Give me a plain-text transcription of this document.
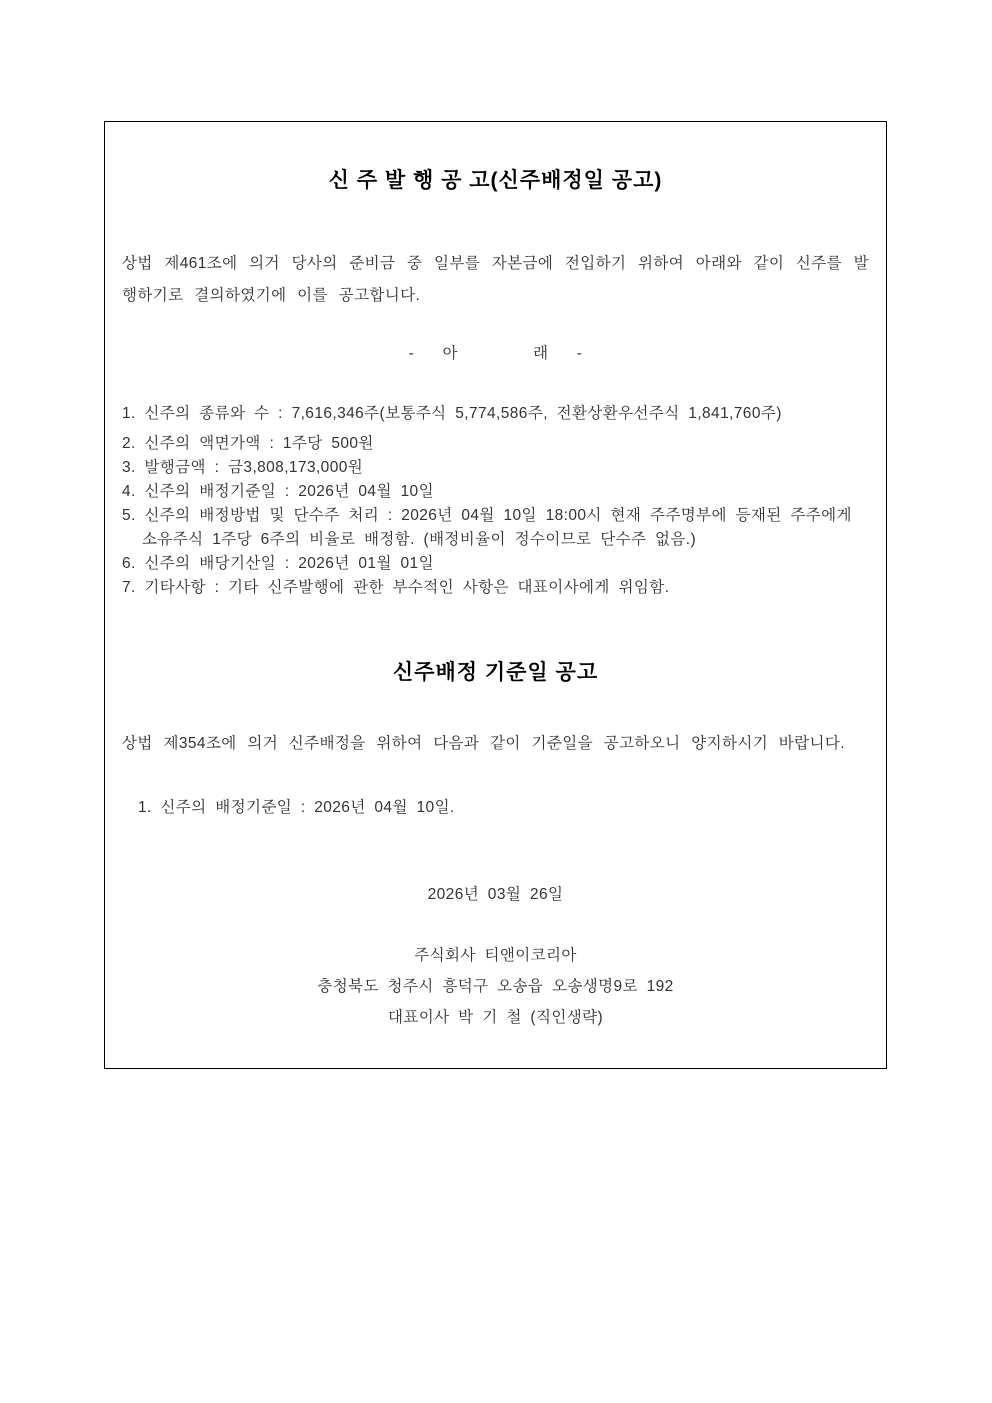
신 주 발 행 공 고(신주배정일 공고)
상법 제461조에 의거 당사의 준비금 중 일부를 자본금에 전입하기 위하여 아래와 같이 신주를 발행하기로 결의하였기에 이를 공고합니다.
-      아                래      -
1. 신주의 종류와 수 : 7,616,346주(보통주식 5,774,586주, 전환상환우선주식 1,841,760주)
2. 신주의 액면가액 : 1주당 500원
3. 발행금액 : 금3,808,173,000원
4. 신주의 배정기준일 : 2026년 04월 10일
5. 신주의 배정방법 및 단수주 처리 : 2026년 04월 10일 18:00시 현재 주주명부에 등재된 주주에게 소유주식 1주당 6주의 비율로 배정함. (배정비율이 정수이므로 단수주 없음.)
6. 신주의 배당기산일 : 2026년 01월 01일
7. 기타사항 : 기타 신주발행에 관한 부수적인 사항은 대표이사에게 위임함.
신주배정 기준일 공고
상법 제354조에 의거 신주배정을 위하여 다음과 같이 기준일을 공고하오니 양지하시기 바랍니다.
1. 신주의 배정기준일 : 2026년 04월 10일.
2026년 03월 26일
주식회사 티앤이코리아
충청북도 청주시 흥덕구 오송읍 오송생명9로 192
대표이사 박 기 철 (직인생략)
